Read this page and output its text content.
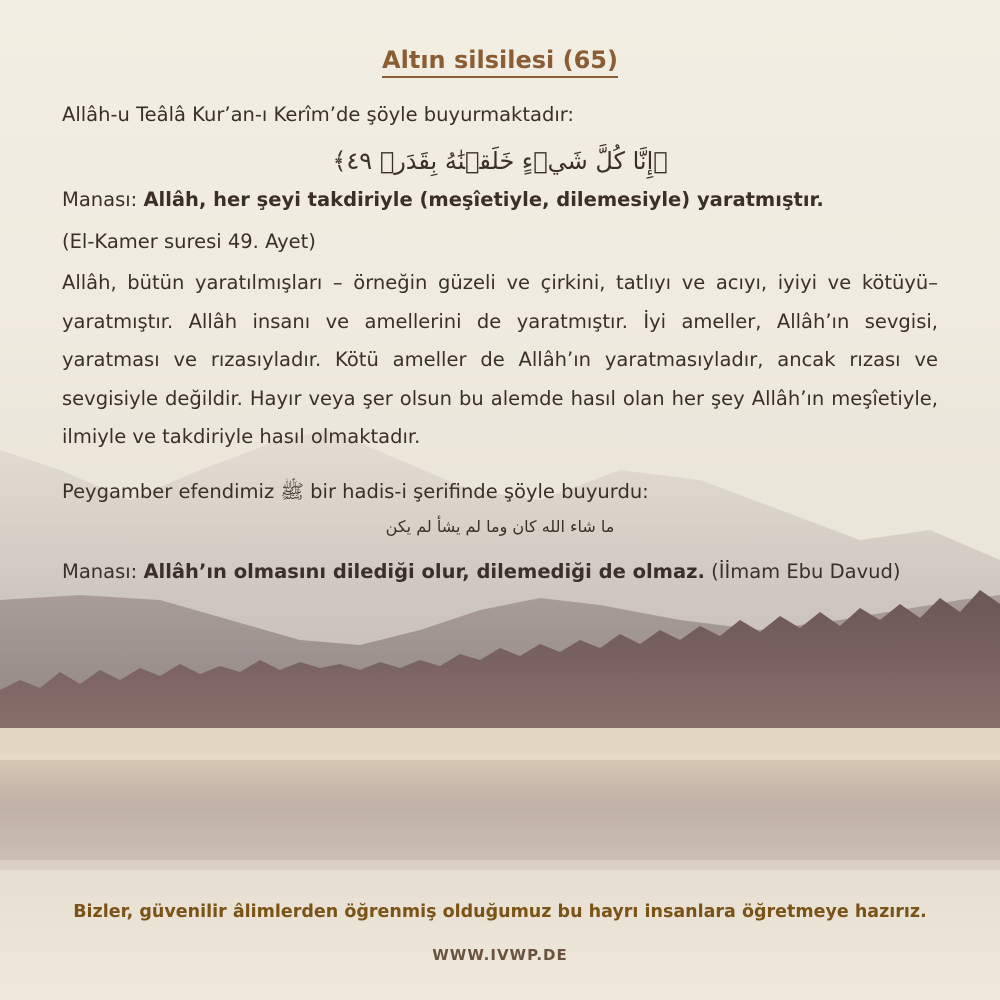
Altın silsilesi (65)
Allâh-u Teâlâ Kur’an-ı Kerîm’de şöyle buyurmaktadır:
﴿إِنَّا كُلَّ شَيۡءٍ خَلَقۡنَٰهُ بِقَدَرٖ ٤٩﴾
Manası: Allâh, her şeyi takdiriyle (meşîetiyle, dilemesiyle) yaratmıştır.
(El-Kamer suresi 49. Ayet)
Allâh, bütün yaratılmışları – örneğin güzeli ve çirkini, tatlıyı ve acıyı, iyiyi ve kötüyü– yaratmıştır. Allâh insanı ve amellerini de yaratmıştır. İyi ameller, Allâh’ın sevgisi, yaratması ve rızasıyladır. Kötü ameller de Allâh’ın yaratmasıyladır, ancak rızası ve sevgisiyle değildir. Hayır veya şer olsun bu alemde hasıl olan her şey Allâh’ın meşîetiyle, ilmiyle ve takdiriyle hasıl olmaktadır.
Peygamber efendimiz ﷺ bir hadis-i şerifinde şöyle buyurdu:
ما شاء الله كان وما لم يشأ لم يكن
Manası: Allâh’ın olmasını dilediği olur, dilemediği de olmaz. (İİmam Ebu Davud)
Bizler, güvenilir âlimlerden öğrenmiş olduğumuz bu hayrı insanlara öğretmeye hazırız.
WWW.IVWP.DE
